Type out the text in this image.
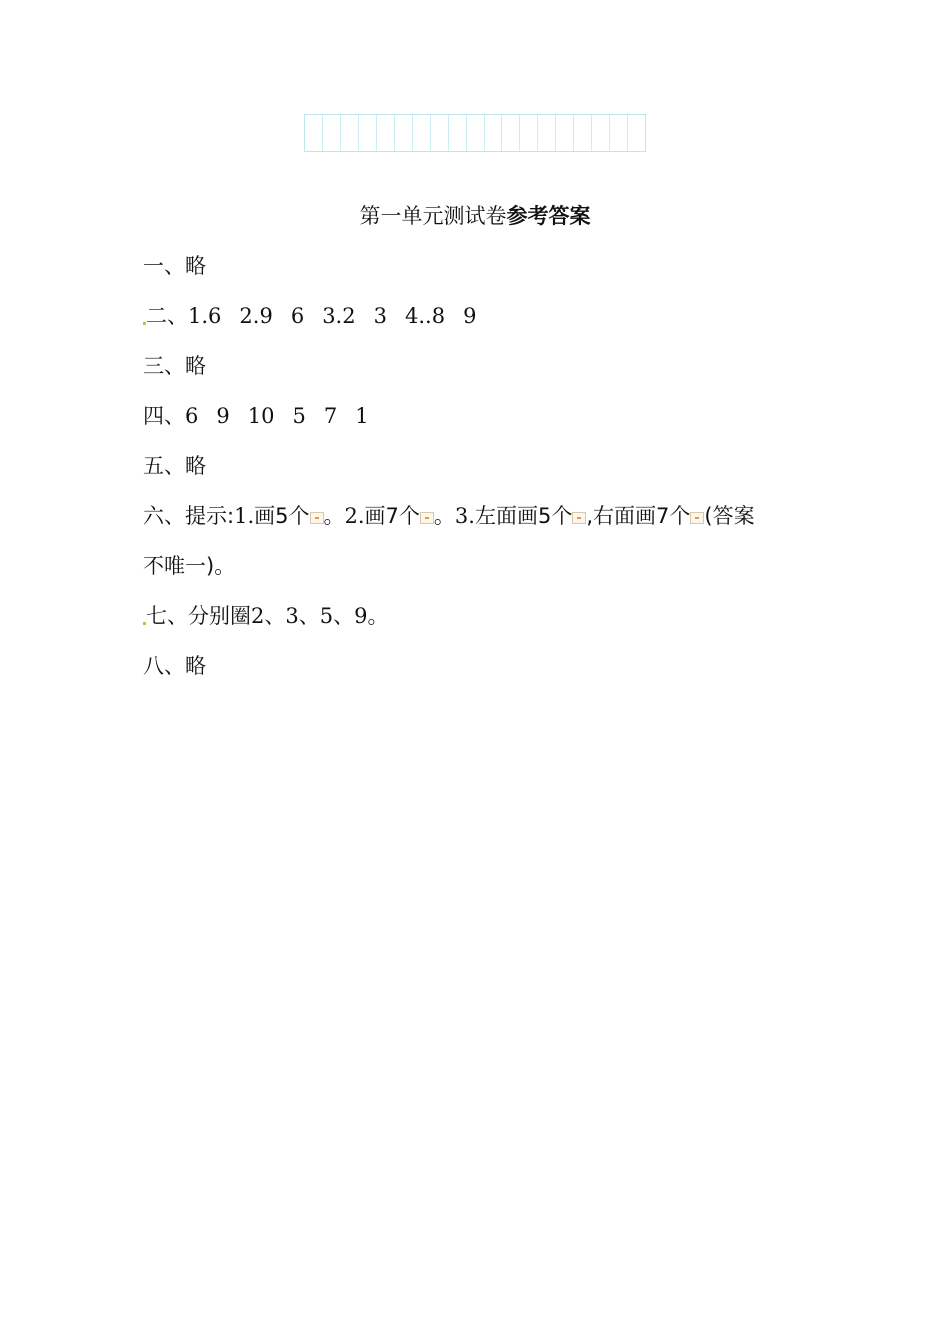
第一单元测试卷参考答案
一、略
二、1.6 2.9 6 3.2 3 4..8 9
三、略
四、6 9 10 5 7 1
五、略
六、提示:1.画5个 。2.画7个 。3.左面画5个 ,右面画7个 (答案
不唯一)。
七、分别圈2、3、5、9。
八、略
